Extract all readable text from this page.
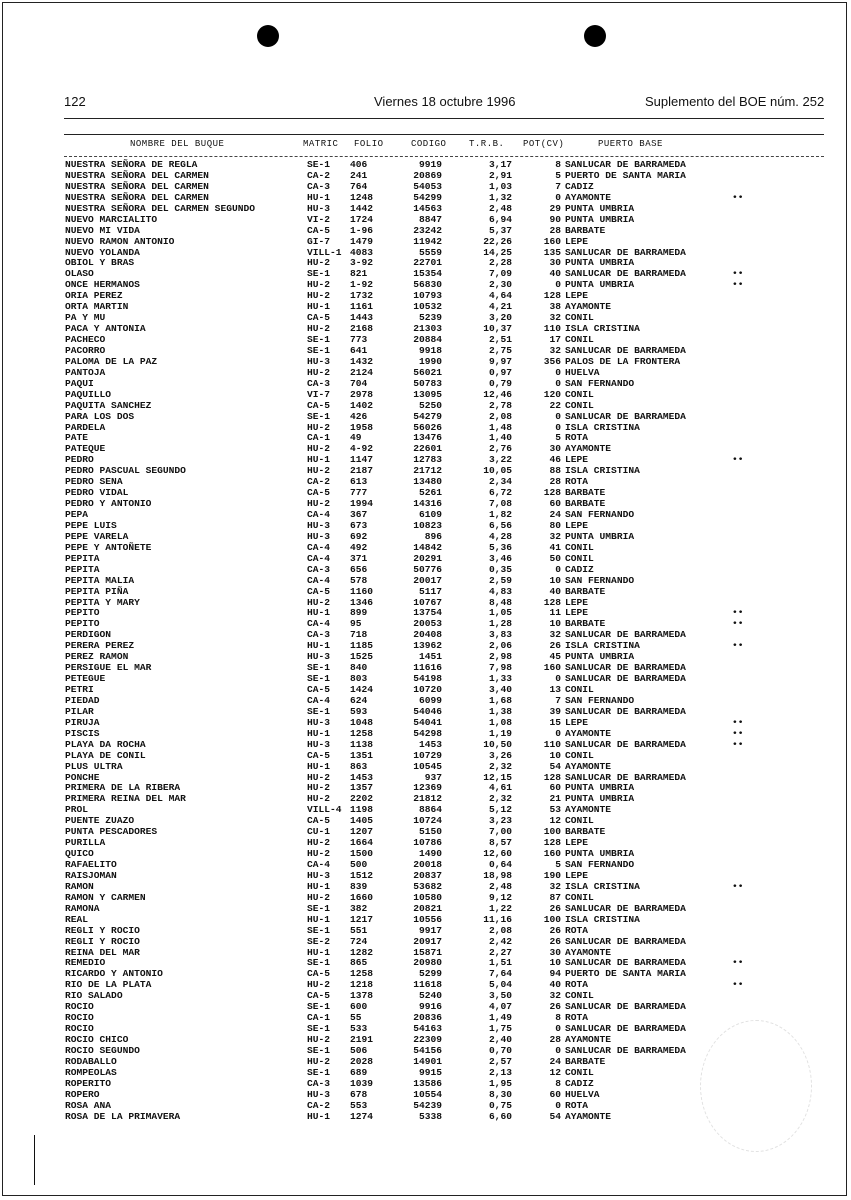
122	Viernes 18 octubre 1996	Suplemento del BOE núm. 252
NOMBRE DEL BUQUE	MATRIC FOLIO	CODIGO	T.R.B. POT(CV)	PUERTO BASE
NUESTRA SEÑORA DE REGLA	SE-1 406	9919	3,17	8 SANLUCAR DE BARRAMEDA
NUESTRA SEÑORA DEL CARMEN	CA-2 241	20869	2,91	5 PUERTO DE SANTA MARIA
NUESTRA SEÑORA DEL CARMEN	CA-3 764	54053	1,03	7 CADIZ
NUESTRA SEÑORA DEL CARMEN	HU-1 1248	54299	1,32	0 AYAMONTE	••
NUESTRA SEÑORA DEL CARMEN SEGUNDO	HU-3 1442	14563	2,48	29 PUNTA UMBRIA
NUEVO MARCIALITO	VI-2 1724	8847	6,94	90 PUNTA UMBRIA
NUEVO MI VIDA	CA-5 1-96	23242	5,37	28 BARBATE
NUEVO RAMON ANTONIO	GI-7 1479	11942	22,26	160 LEPE
NUEVO YOLANDA	VILL-1 4083	5559	14,25	135 SANLUCAR DE BARRAMEDA
OBIOL Y BRAS	HU-2 3-92	22701	2,28	30 PUNTA UMBRIA
OLASO	SE-1 821	15354	7,09	40 SANLUCAR DE BARRAMEDA	••
ONCE HERMANOS	HU-2 1-92	56830	2,30	0 PUNTA UMBRIA	••
ORIA PEREZ	HU-2 1732	10793	4,64	128 LEPE
ORTA MARTIN	HU-1 1161	10532	4,21	38 AYAMONTE
PA Y MU	CA-5 1443	5239	3,20	32 CONIL
PACA Y ANTONIA	HU-2 2168	21303	10,37	110 ISLA CRISTINA
PACHECO	SE-1 773	20884	2,51	17 CONIL
PACORRO	SE-1 641	9918	2,75	32 SANLUCAR DE BARRAMEDA
PALOMA DE LA PAZ	HU-3 1432	1990	9,97	356 PALOS DE LA FRONTERA
PANTOJA	HU-2 2124	56021	0,97	0 HUELVA
PAQUI	CA-3 704	50783	0,79	0 SAN FERNANDO
PAQUILLO	VI-7 2978	13095	12,46	120 CONIL
PAQUITA SANCHEZ	CA-5 1402	5250	2,78	22 CONIL
PARA LOS DOS	SE-1 426	54279	2,08	0 SANLUCAR DE BARRAMEDA
PARDELA	HU-2 1958	56026	1,48	0 ISLA CRISTINA
PATE	CA-1 49	13476	1,40	5 ROTA
PATEQUE	HU-2 4-92	22601	2,76	30 AYAMONTE
PEDRO	HU-1 1147	12783	3,22	46 LEPE	••
PEDRO PASCUAL SEGUNDO	HU-2 2187	21712	10,05	88 ISLA CRISTINA
PEDRO SENA	CA-2 613	13480	2,34	28 ROTA
PEDRO VIDAL	CA-5 777	5261	6,72	128 BARBATE
PEDRO Y ANTONIO	HU-2 1994	14316	7,08	60 BARBATE
PEPA	CA-4 367	6109	1,82	24 SAN FERNANDO
PEPE LUIS	HU-3 673	10823	6,56	80 LEPE
PEPE VARELA	HU-3 692	896	4,28	32 PUNTA UMBRIA
PEPE Y ANTOÑETE	CA-4 492	14842	5,36	41 CONIL
PEPITA	CA-4 371	20291	3,46	50 CONIL
PEPITA	CA-3 656	50776	0,35	0 CADIZ
PEPITA MALIA	CA-4 578	20017	2,59	10 SAN FERNANDO
PEPITA PIÑA	CA-5 1160	5117	4,83	40 BARBATE
PEPITA Y MARY	HU-2 1346	10767	8,48	128 LEPE
PEPITO	HU-1 899	13754	1,05	11 LEPE	••
PEPITO	CA-4 95	20053	1,28	10 BARBATE	••
PERDIGON	CA-3 718	20408	3,83	32 SANLUCAR DE BARRAMEDA
PERERA PEREZ	HU-1 1185	13962	2,06	26 ISLA CRISTINA	••
PEREZ RAMON	HU-3 1525	1451	2,98	45 PUNTA UMBRIA
PERSIGUE EL MAR	SE-1 840	11616	7,98	160 SANLUCAR DE BARRAMEDA
PETEGUE	SE-1 803	54198	1,33	0 SANLUCAR DE BARRAMEDA
PETRI	CA-5 1424	10720	3,40	13 CONIL
PIEDAD	CA-4 624	6099	1,68	7 SAN FERNANDO
PILAR	SE-1 593	54046	1,38	39 SANLUCAR DE BARRAMEDA
PIRUJA	HU-3 1048	54041	1,08	15 LEPE	••
PISCIS	HU-1 1258	54298	1,19	0 AYAMONTE	••
PLAYA DA ROCHA	HU-3 1138	1453	10,50	110 SANLUCAR DE BARRAMEDA	••
PLAYA DE CONIL	CA-5 1351	10729	3,26	10 CONIL
PLUS ULTRA	HU-1 863	10545	2,32	54 AYAMONTE
PONCHE	HU-2 1453	937	12,15	128 SANLUCAR DE BARRAMEDA
PRIMERA DE LA RIBERA	HU-2 1357	12369	4,61	60 PUNTA UMBRIA
PRIMERA REINA DEL MAR	HU-2 2202	21812	2,32	21 PUNTA UMBRIA
PROL	VILL-4 1198	8864	5,12	53 AYAMONTE
PUENTE ZUAZO	CA-5 1405	10724	3,23	12 CONIL
PUNTA PESCADORES	CU-1 1207	5150	7,00	100 BARBATE
PURILLA	HU-2 1664	10786	8,57	128 LEPE
QUICO	HU-2 1500	1490	12,60	160 PUNTA UMBRIA
RAFAELITO	CA-4 500	20018	0,64	5 SAN FERNANDO
RAISJOMAN	HU-3 1512	20837	18,98	190 LEPE
RAMON	HU-1 839	53682	2,48	32 ISLA CRISTINA	••
RAMON Y CARMEN	HU-2 1660	10580	9,12	87 CONIL
RAMONA	SE-1 382	20821	1,22	26 SANLUCAR DE BARRAMEDA
REAL	HU-1 1217	10556	11,16	100 ISLA CRISTINA
REGLI Y ROCIO	SE-1 551	9917	2,08	26 ROTA
REGLI Y ROCIO	SE-2 724	20917	2,42	26 SANLUCAR DE BARRAMEDA
REINA DEL MAR	HU-1 1282	15871	2,27	30 AYAMONTE
REMEDIO	SE-1 865	20980	1,51	10 SANLUCAR DE BARRAMEDA	••
RICARDO Y ANTONIO	CA-5 1258	5299	7,64	94 PUERTO DE SANTA MARIA
RIO DE LA PLATA	HU-2 1218	11618	5,04	40 ROTA	••
RIO SALADO	CA-5 1378	5240	3,50	32 CONIL
ROCIO	SE-1 600	9916	4,07	26 SANLUCAR DE BARRAMEDA
ROCIO	CA-1 55	20836	1,49	8 ROTA
ROCIO	SE-1 533	54163	1,75	0 SANLUCAR DE BARRAMEDA
ROCIO CHICO	HU-2 2191	22309	2,40	28 AYAMONTE
ROCIO SEGUNDO	SE-1 506	54156	0,70	0 SANLUCAR DE BARRAMEDA
RODABALLO	HU-2 2028	14901	2,57	24 BARBATE
ROMPEOLAS	SE-1 689	9915	2,13	12 CONIL
ROPERITO	CA-3 1039	13586	1,95	8 CADIZ
ROPERO	HU-3 678	10554	8,30	60 HUELVA
ROSA ANA	CA-2 553	54239	0,75	0 ROTA
ROSA DE LA PRIMAVERA	HU-1 1274	5338	6,60	54 AYAMONTE
